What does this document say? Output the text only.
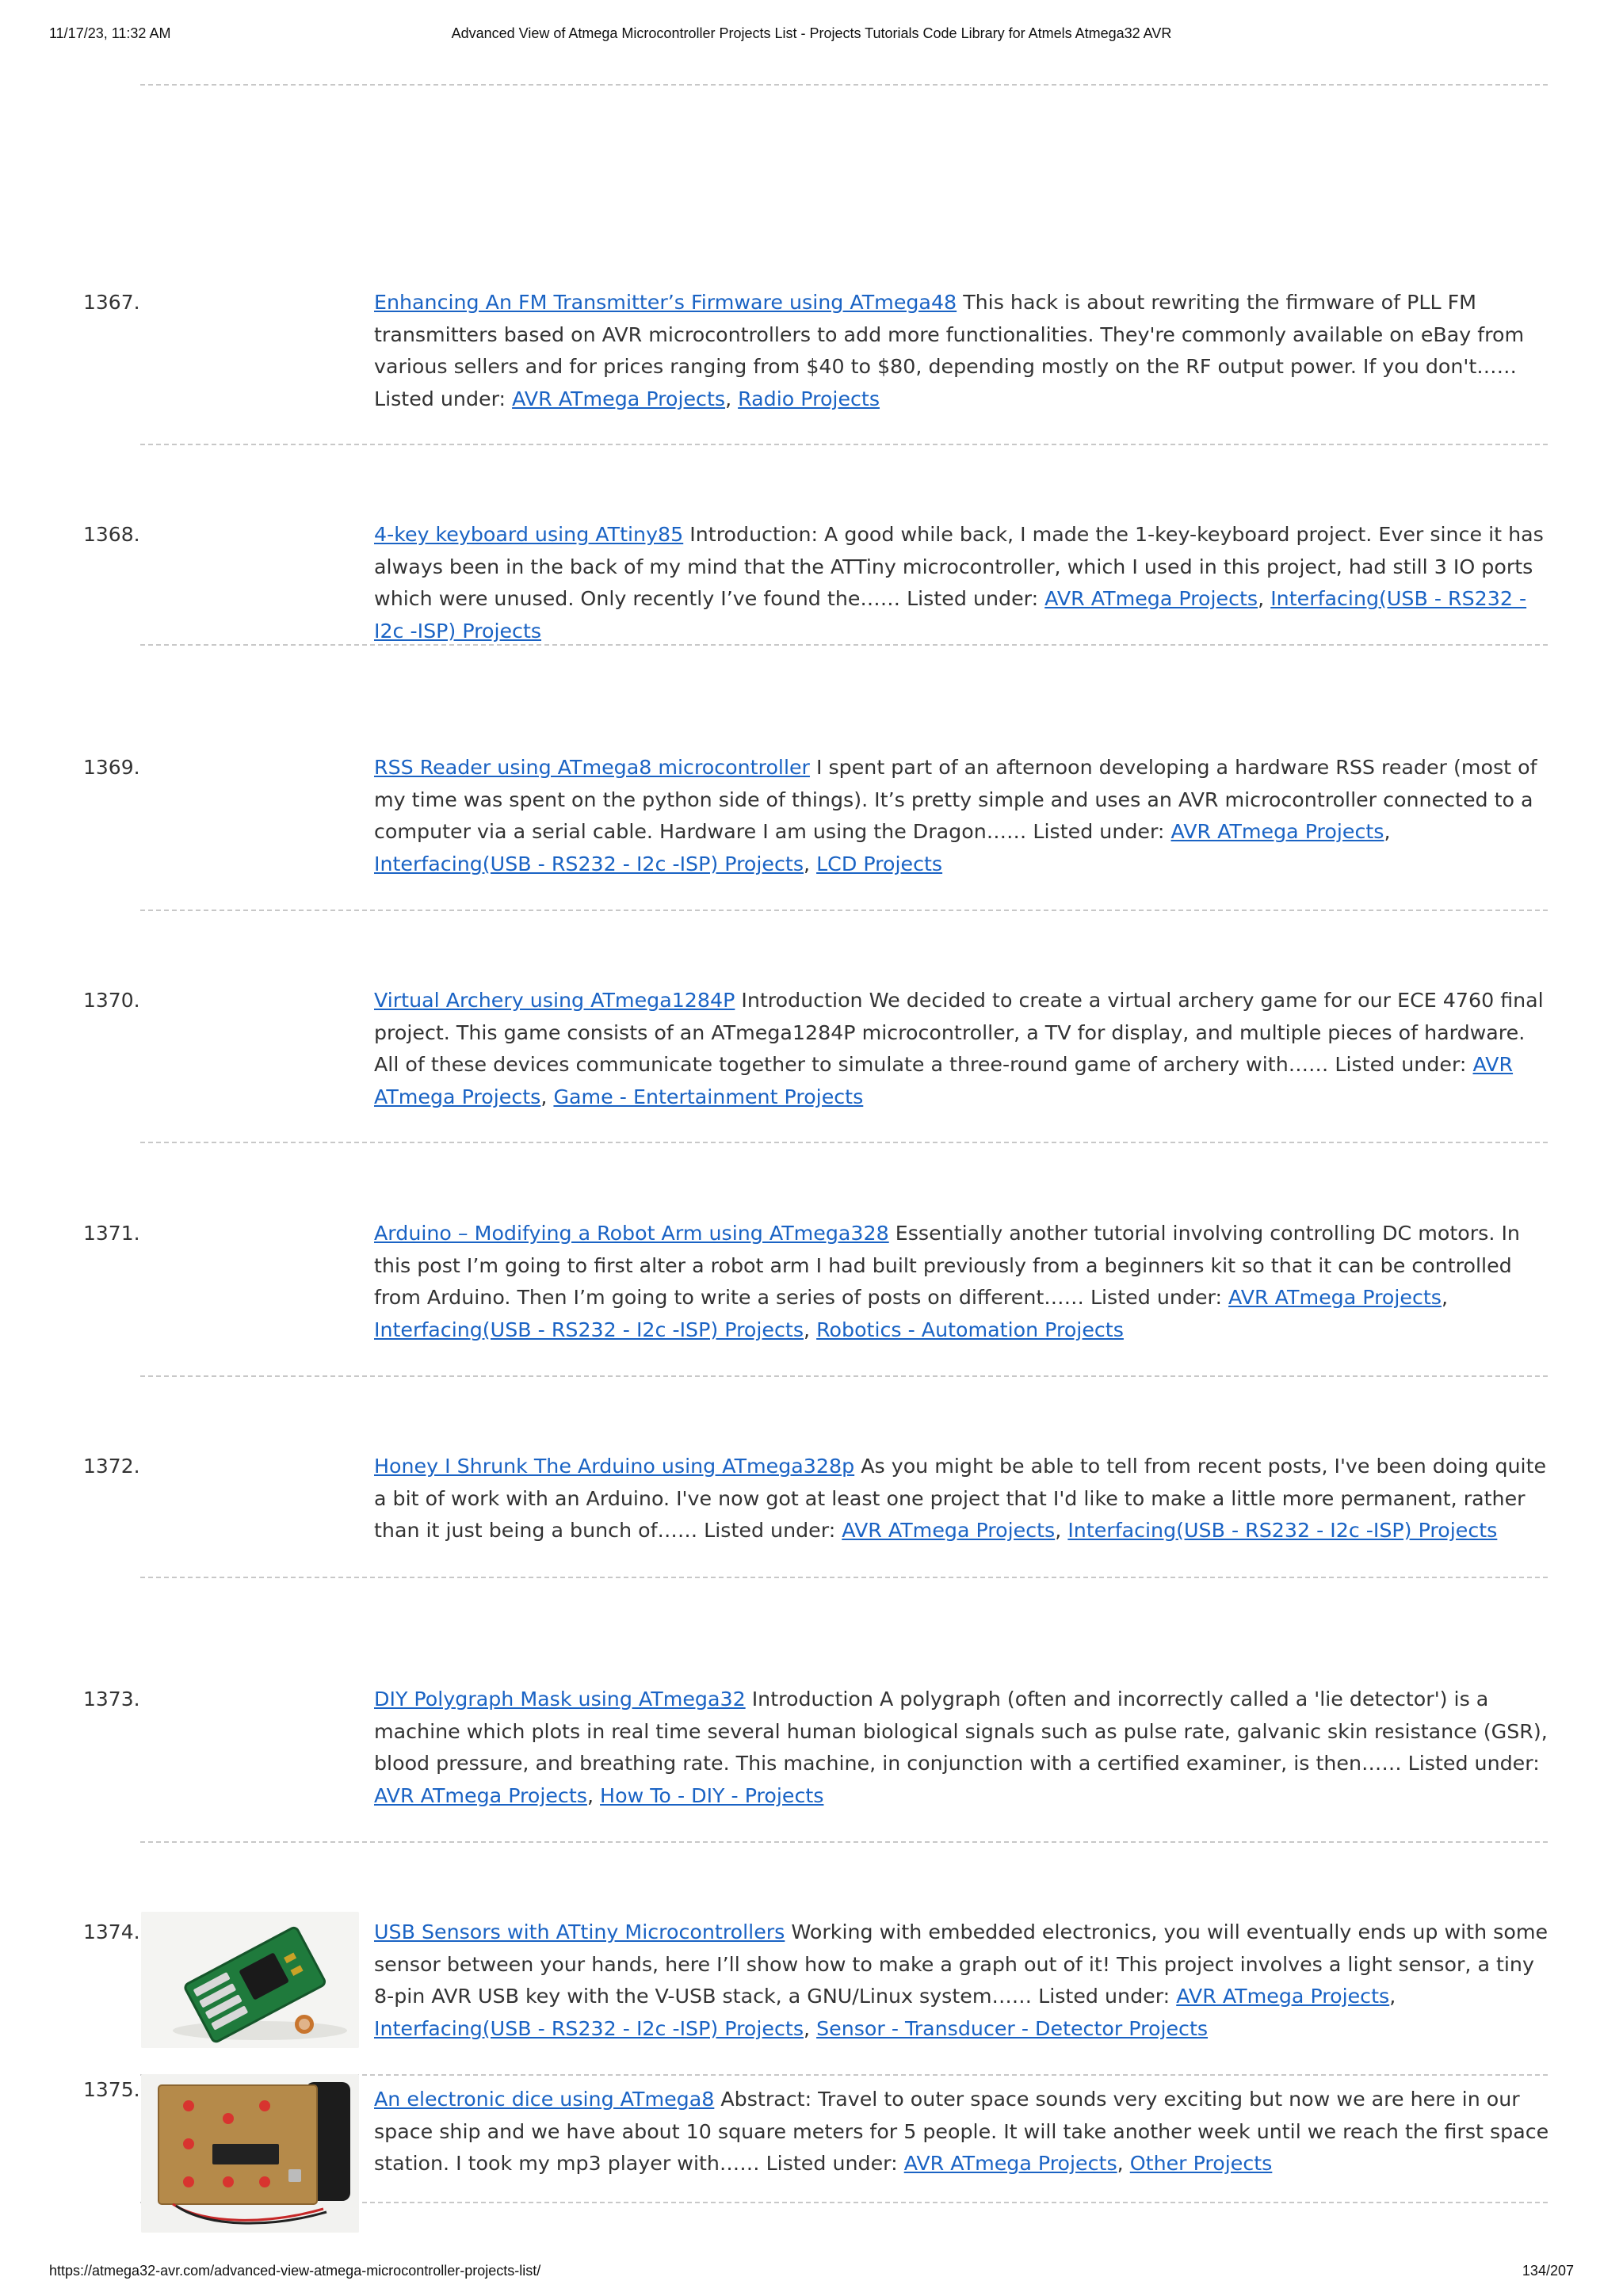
11/17/23, 11:32 AM	Advanced View of Atmega Microcontroller Projects List - Projects Tutorials Code Library for Atmels Atmega32 AVR
1367.	Enhancing An FM Transmitter’s Firmware using ATmega48 This hack is about rewriting the firmware of PLL FM transmitters based on AVR microcontrollers to add more functionalities. They're commonly available on eBay from various sellers and for prices ranging from $40 to $80, depending mostly on the RF output power. If you don't…… Listed under: AVR ATmega Projects, Radio Projects
1368.	4-key keyboard using ATtiny85 Introduction: A good while back, I made the 1-key-keyboard project. Ever since it has always been in the back of my mind that the ATTiny microcontroller, which I used in this project, had still 3 IO ports which were unused. Only recently I’ve found the…… Listed under: AVR ATmega Projects, Interfacing(USB - RS232 - I2c -ISP) Projects
1369.	RSS Reader using ATmega8 microcontroller I spent part of an afternoon developing a hardware RSS reader (most of my time was spent on the python side of things). It’s pretty simple and uses an AVR microcontroller connected to a computer via a serial cable. Hardware I am using the Dragon…… Listed under: AVR ATmega Projects, Interfacing(USB - RS232 - I2c -ISP) Projects, LCD Projects
1370.	Virtual Archery using ATmega1284P Introduction We decided to create a virtual archery game for our ECE 4760 final project. This game consists of an ATmega1284P microcontroller, a TV for display, and multiple pieces of hardware. All of these devices communicate together to simulate a three-round game of archery with…… Listed under: AVR ATmega Projects, Game - Entertainment Projects
1371.	Arduino – Modifying a Robot Arm using ATmega328 Essentially another tutorial involving controlling DC motors. In this post I’m going to first alter a robot arm I had built previously from a beginners kit so that it can be controlled from Arduino. Then I’m going to write a series of posts on different…… Listed under: AVR ATmega Projects, Interfacing(USB - RS232 - I2c -ISP) Projects, Robotics - Automation Projects
1372.	Honey I Shrunk The Arduino using ATmega328p As you might be able to tell from recent posts, I've been doing quite a bit of work with an Arduino. I've now got at least one project that I'd like to make a little more permanent, rather than it just being a bunch of…… Listed under: AVR ATmega Projects, Interfacing(USB - RS232 - I2c -ISP) Projects
1373.	DIY Polygraph Mask using ATmega32 Introduction A polygraph (often and incorrectly called a 'lie detector') is a machine which plots in real time several human biological signals such as pulse rate, galvanic skin resistance (GSR), blood pressure, and breathing rate. This machine, in conjunction with a certified examiner, is then…… Listed under: AVR ATmega Projects, How To - DIY - Projects
1374.	USB Sensors with ATtiny Microcontrollers Working with embedded electronics, you will eventually ends up with some sensor between your hands, here I’ll show how to make a graph out of it! This project involves a light sensor, a tiny 8-pin AVR USB key with the V-USB stack, a GNU/Linux system…… Listed under: AVR ATmega Projects, Interfacing(USB - RS232 - I2c -ISP) Projects, Sensor - Transducer - Detector Projects
1375.	An electronic dice using ATmega8 Abstract: Travel to outer space sounds very exciting but now we are here in our space ship and we have about 10 square meters for 5 people. It will take another week until we reach the first space station. I took my mp3 player with…… Listed under: AVR ATmega Projects, Other Projects
https://atmega32-avr.com/advanced-view-atmega-microcontroller-projects-list/	134/207
